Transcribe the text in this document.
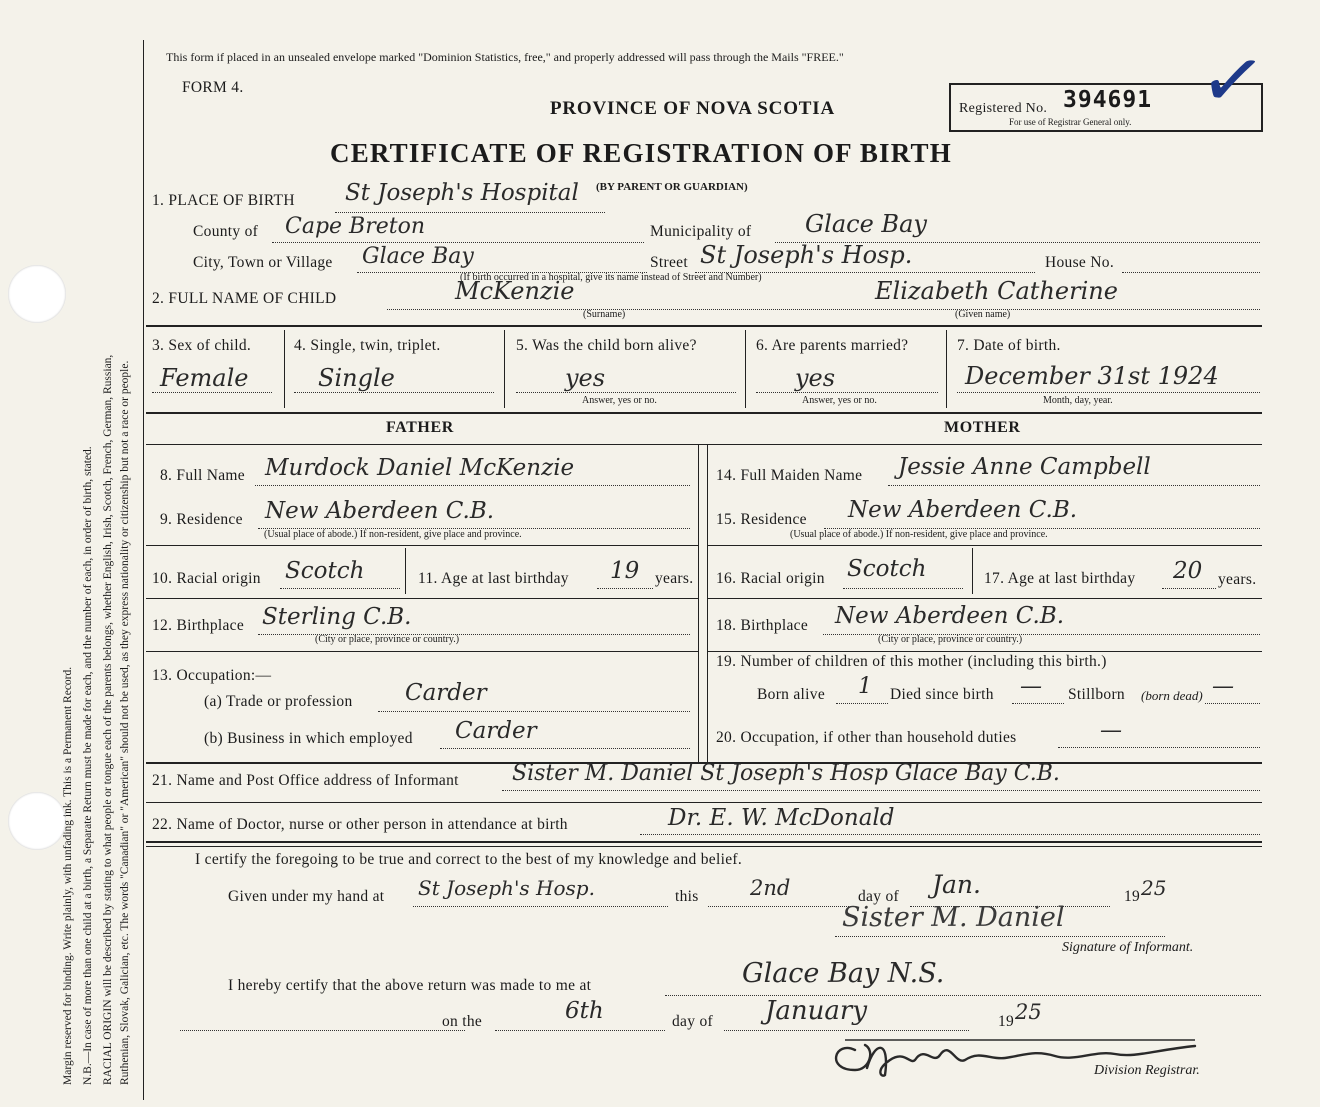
Margin reserved for binding. Write plainly, with unfading ink. This is a Permanent Record. N.B.—In case of more than one child at a birth, a Separate Return must be made for each, and the number of each, in order of birth, stated. RACIAL ORIGIN will be described by stating to what people or tongue each of the parents belongs, whether English, Irish, Scotch, French, German, Russian, Ruthenian, Slovak, Galician, etc. The words "Canadian" or "American" should not be used, as they express nationality or citizenship but not a race or people.
This form if placed in an unsealed envelope marked "Dominion Statistics, free," and properly addressed will pass through the Mails "FREE."
FORM 4.
PROVINCE OF NOVA SCOTIA
CERTIFICATE OF REGISTRATION OF BIRTH
(BY PARENT OR GUARDIAN)
Registered No. 394691
For use of Registrar General only. ✓
1. PLACE OF BIRTH St Joseph's Hospital
County of Cape Breton	Municipality of Glace Bay
City, Town or Village Glace Bay	Street St Joseph's Hosp.	House No.
(If birth occurred in a hospital, give its name instead of Street and Number)
2. FULL NAME OF CHILD	McKenzie
(Surname)
Elizabeth Catherine
(Given name)
3. Sex of child.
Female
4. Single, twin, triplet.
Single
5. Was the child born alive?
yes
Answer, yes or no.
6. Are parents married?
yes
Answer, yes or no.
7. Date of birth.
December 31st 1924
Month, day, year.
FATHER	MOTHER
8. Full Name Murdock Daniel McKenzie
9. Residence New Aberdeen C.B.
(Usual place of abode.) If non-resident, give place and province.
10. Racial origin Scotch	11. Age at last birthday 19 years.
12. Birthplace Sterling C.B.
(City or place, province or country.)
13. Occupation:—
(a) Trade or profession Carder
(b) Business in which employed Carder
14. Full Maiden Name Jessie Anne Campbell
15. Residence New Aberdeen C.B.
(Usual place of abode.) If non-resident, give place and province.
16. Racial origin Scotch	17. Age at last birthday 20 years.
18. Birthplace New Aberdeen C.B.
(City or place, province or country.)
19. Number of children of this mother (including this birth.)
Born alive 1 Died since birth — Stillborn (born dead) —
20. Occupation, if other than household duties	—
21. Name and Post Office address of Informant Sister M. Daniel St Joseph's Hosp Glace Bay C.B.
22. Name of Doctor, nurse or other person in attendance at birth	Dr. E. W. McDonald
I certify the foregoing to be true and correct to the best of my knowledge and belief.
Given under my hand at St Joseph's Hosp.	this 2nd	day of Jan.	19 25
Sister M. Daniel
Signature of Informant.
I hereby certify that the above return was made to me at	Glace Bay N.S.
on the	6th	day of January	19 25
Division Registrar.
